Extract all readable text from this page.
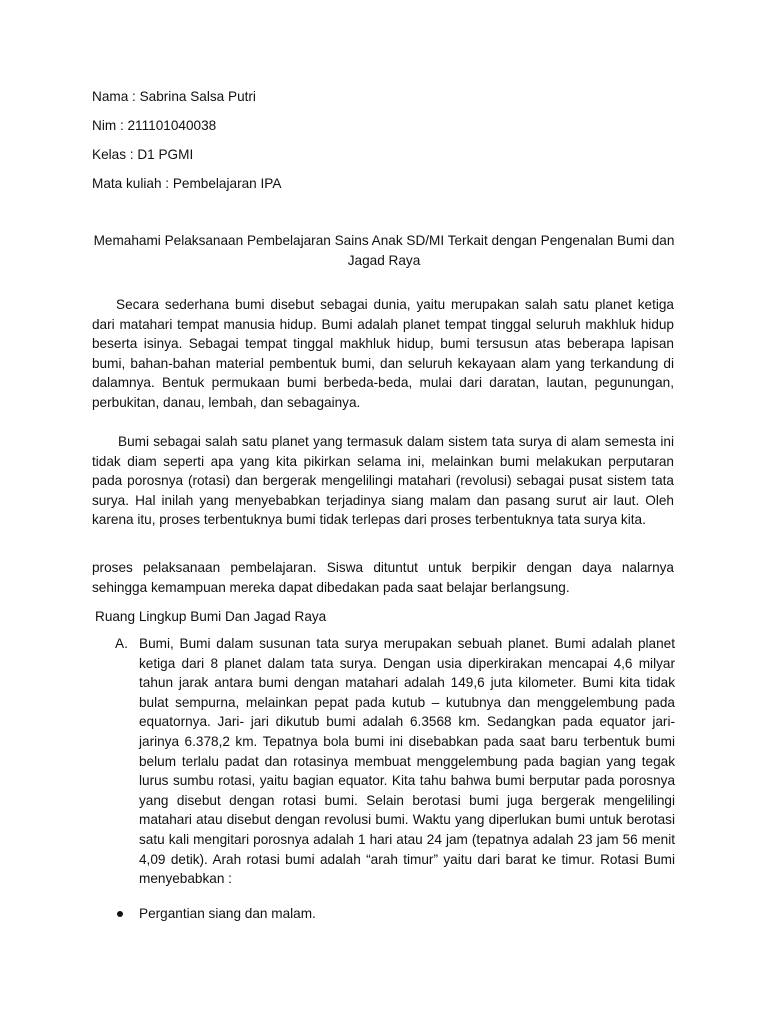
Nama : Sabrina Salsa Putri

Nim : 211101040038

Kelas : D1 PGMI

Mata kuliah : Pembelajaran IPA

Memahami Pelaksanaan Pembelajaran Sains Anak SD/MI Terkait dengan Pengenalan Bumi dan Jagad Raya

Secara sederhana bumi disebut sebagai dunia, yaitu merupakan salah satu planet ketiga dari matahari tempat manusia hidup. Bumi adalah planet tempat tinggal seluruh makhluk hidup beserta isinya. Sebagai tempat tinggal makhluk hidup, bumi tersusun atas beberapa lapisan bumi, bahan-bahan material pembentuk bumi, dan seluruh kekayaan alam yang terkandung di dalamnya. Bentuk permukaan bumi berbeda-beda, mulai dari daratan, lautan, pegunungan, perbukitan, danau, lembah, dan sebagainya.

Bumi sebagai salah satu planet yang termasuk dalam sistem tata surya di alam semesta ini tidak diam seperti apa yang kita pikirkan selama ini, melainkan bumi melakukan perputaran pada porosnya (rotasi) dan bergerak mengelilingi matahari (revolusi) sebagai pusat sistem tata surya. Hal inilah yang menyebabkan terjadinya siang malam dan pasang surut air laut. Oleh karena itu, proses terbentuknya bumi tidak terlepas dari proses terbentuknya tata surya kita.

proses pelaksanaan pembelajaran. Siswa dituntut untuk berpikir dengan daya nalarnya sehingga kemampuan mereka dapat dibedakan pada saat belajar berlangsung.

Ruang Lingkup Bumi Dan Jagad Raya

A. Bumi, Bumi dalam susunan tata surya merupakan sebuah planet. Bumi adalah planet ketiga dari 8 planet dalam tata surya. Dengan usia diperkirakan mencapai 4,6 milyar tahun jarak antara bumi dengan matahari adalah 149,6 juta kilometer. Bumi kita tidak bulat sempurna, melainkan pepat pada kutub – kutubnya dan menggelembung pada equatornya. Jari- jari dikutub bumi adalah 6.3568 km. Sedangkan pada equator jari- jarinya 6.378,2 km. Tepatnya bola bumi ini disebabkan pada saat baru terbentuk bumi belum terlalu padat dan rotasinya membuat menggelembung pada bagian yang tegak lurus sumbu rotasi, yaitu bagian equator. Kita tahu bahwa bumi berputar pada porosnya yang disebut dengan rotasi bumi. Selain berotasi bumi juga bergerak mengelilingi matahari atau disebut dengan revolusi bumi. Waktu yang diperlukan bumi untuk berotasi satu kali mengitari porosnya adalah 1 hari atau 24 jam (tepatnya adalah 23 jam 56 menit 4,09 detik). Arah rotasi bumi adalah “arah timur” yaitu dari barat ke timur. Rotasi Bumi menyebabkan :

Pergantian siang dan malam.
